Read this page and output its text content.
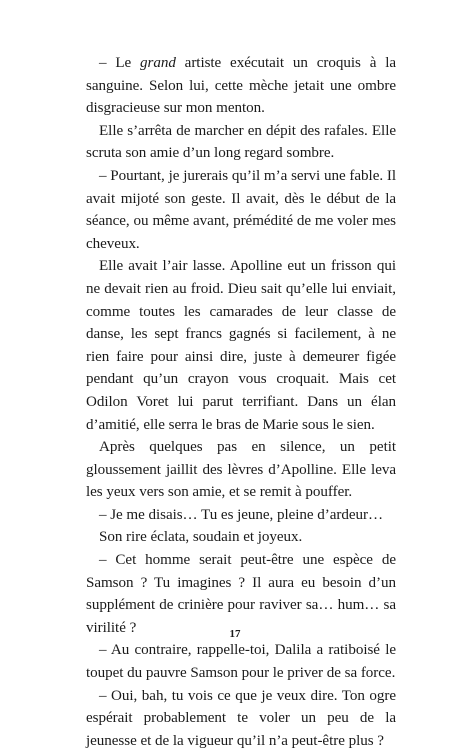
– Le grand artiste exécutait un croquis à la sanguine. Selon lui, cette mèche jetait une ombre disgracieuse sur mon menton.

Elle s’arrêta de marcher en dépit des rafales. Elle scruta son amie d’un long regard sombre.

– Pourtant, je jurerais qu’il m’a servi une fable. Il avait mijoté son geste. Il avait, dès le début de la séance, ou même avant, prémédité de me voler mes cheveux.

Elle avait l’air lasse. Apolline eut un frisson qui ne devait rien au froid. Dieu sait qu’elle lui enviait, comme toutes les camarades de leur classe de danse, les sept francs gagnés si facilement, à ne rien faire pour ainsi dire, juste à demeurer figée pendant qu’un crayon vous croquait. Mais cet Odilon Voret lui parut terrifiant. Dans un élan d’amitié, elle serra le bras de Marie sous le sien.

Après quelques pas en silence, un petit gloussement jaillit des lèvres d’Apolline. Elle leva les yeux vers son amie, et se remit à pouffer.

– Je me disais… Tu es jeune, pleine d’ardeur…

Son rire éclata, soudain et joyeux.

– Cet homme serait peut-être une espèce de Samson ? Tu imagines ? Il aura eu besoin d’un supplément de crinière pour raviver sa… hum… sa virilité ?

– Au contraire, rappelle-toi, Dalila a ratiboisé le toupet du pauvre Samson pour le priver de sa force.

– Oui, bah, tu vois ce que je veux dire. Ton ogre espérait probablement te voler un peu de la jeunesse et de la vigueur qu’il n’a peut-être plus ?

17
